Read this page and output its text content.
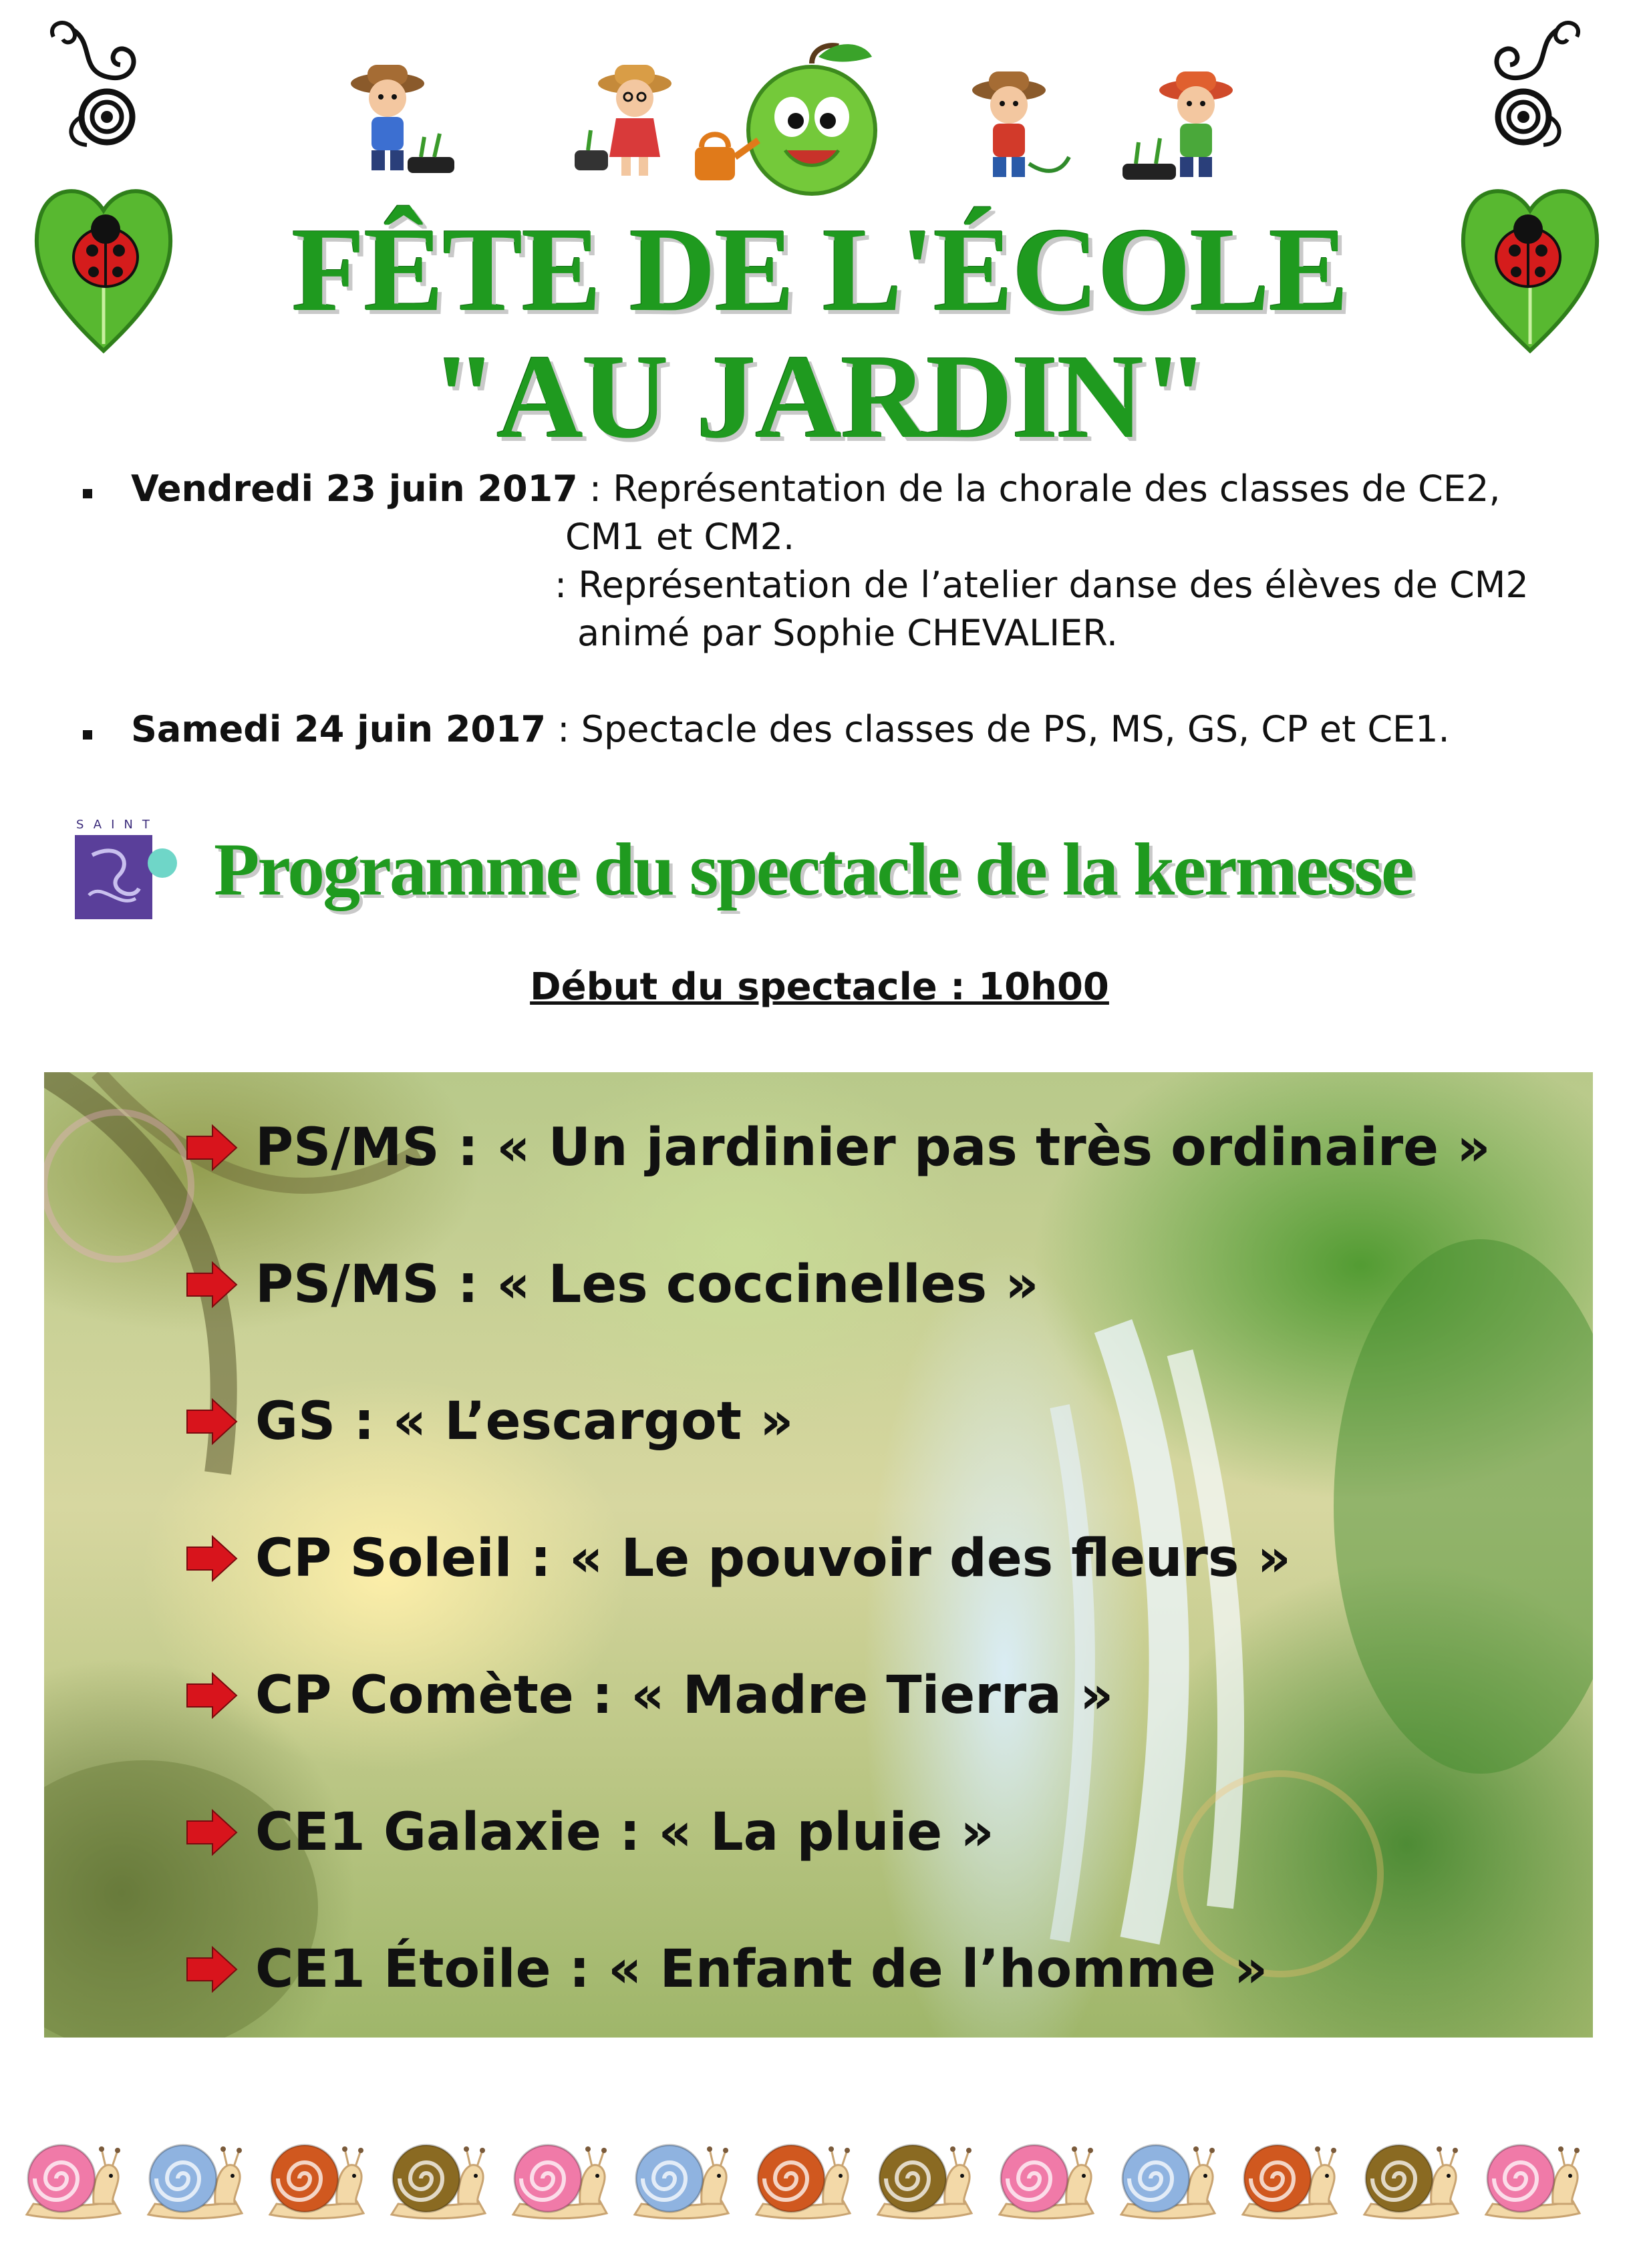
FÊTE DE L'ÉCOLE
"AU JARDIN"
Vendredi 23 juin 2017 : Représentation de la chorale des classes de CE2,
CM1 et CM2.
: Représentation de l’atelier danse des élèves de CM2
animé par Sophie CHEVALIER.
Samedi 24 juin 2017 : Spectacle des classes de PS, MS, GS, CP et CE1.
SAINT
Programme du spectacle de la kermesse
Début du spectacle : 10h00
PS/MS : « Un jardinier pas très ordinaire »
PS/MS : « Les coccinelles »
GS : « L’escargot »
CP Soleil : « Le pouvoir des fleurs »
CP Comète : « Madre Tierra »
CE1 Galaxie : « La pluie »
CE1 Étoile : « Enfant de l’homme »
